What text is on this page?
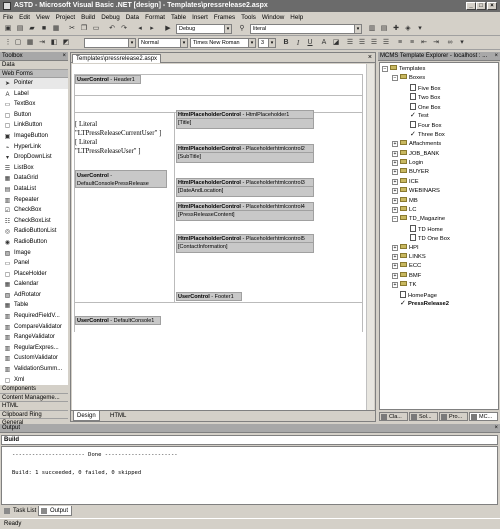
ASTD - Microsoft Visual Basic .NET [design] - Templates\pressrelease2.aspx	_	□	×
File Edit View Project Build Debug Data Format Table Insert Frames Tools Window Help
▣ ▤ ▰ ■ ▦ ✂ ❐ ▭ ↶ ↷	◂	▸	▶	Debug	▾ ⚲	literal	▾ ▥ ▤ ✚ ◈	▾
⋮ ▢ ▦ ⇥ ◧ ◩	▾	Normal	▾	Times New Roman	▾	3	▾ B	I	U A ◪ ☰ ☰ ☰ ☰ ≡ ≡ ⇤ ⇥ ∞	▾
Toolbox	×
Data
Web Forms
➤ Pointer
A Label
▭ TextBox
▢ Button
▢ LinkButton
▣ ImageButton
⌁ HyperLink
▾ DropDownList
☰ ListBox
▦ DataGrid
▤ DataList
▥ Repeater
☑ CheckBox
☷ CheckBoxList
◎ RadioButtonList
◉ RadioButton
▨ Image
▭ Panel
▢ PlaceHolder
▦ Calendar
▧ AdRotator
▦ Table
▥ RequiredFieldV...
▥ CompareValidator
▥ RangeValidator
▥ RegularExpres...
▥ CustomValidator
▥ ValidationSumm...
▢ Xml
Components
Content Manageme...
HTML
Clipboard Ring
Templates\pressrelease2.aspx	×
UserControl - Header1
[ Literal
"LTPressReleaseCurrentUser" ]
[ Literal
"LTPressReleaseUser" ]
UserControl -
DefaultConsolePressRelease
HtmlPlaceholderControl - HtmlPlaceholder1
[Title]
HtmlPlaceholderControl - Placeholderhtmlcontrol2
[SubTitle]
HtmlPlaceholderControl - Placeholderhtmlcontrol3
[DateAndLocation]
HtmlPlaceholderControl - Placeholderhtmlcontrol4
[PressReleaseContent]
HtmlPlaceholderControl - Placeholderhtmlcontrol5
[ContactInformation]
UserControl - Footer1
UserControl - DefaultConsole1
Design	HTML
MCMS Template Explorer - localhost : ... ×
− Templates
− Boxes
Five Box
Two Box
One Box
✓ Test
Four Box
✓ Three Box
+ Affachments
+ JOB_BANK
+ Login
+ BUYER
+ ICE
+ WEBINARS
+ MB
+ LC
− TD_Magazine
TD Home
TD One Box
+ HPI
+ LINKS
+ ECC
+ BMF
+ TK
HomePage
✓ PressRelease2
Cla...	Sol...	Pro...	MC...
Output	×
Build
---------------------- Done ----------------------
Build: 1 succeeded, 0 failed, 0 skipped
Task List	Output
Ready
